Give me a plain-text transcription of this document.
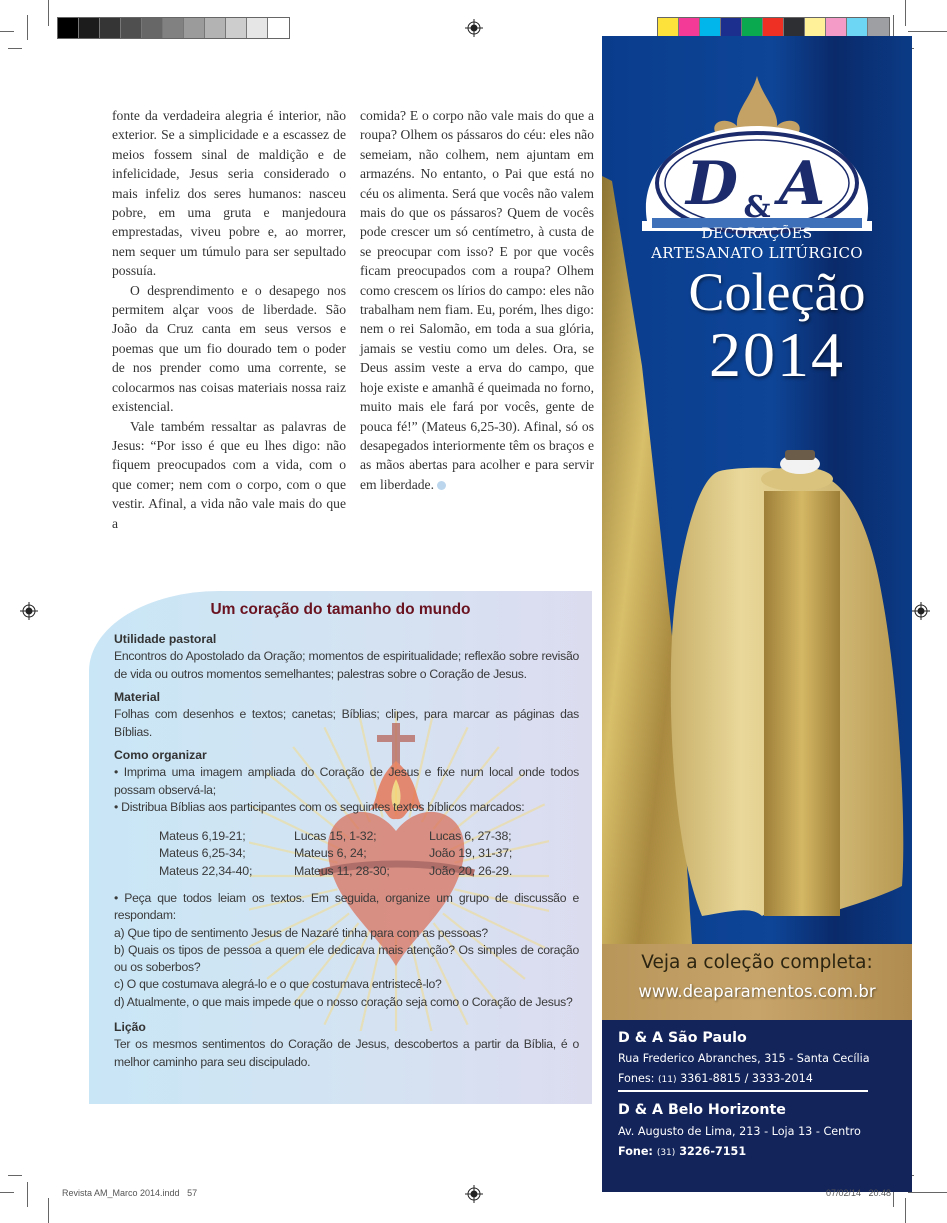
fonte da verdadeira alegria é interior, não exterior. Se a simplicidade e a escassez de meios fossem sinal de maldição e de infelicidade, Jesus seria considerado o mais infeliz dos seres humanos: nasceu pobre, em uma gruta e manjedoura emprestadas, viveu pobre e, ao morrer, nem sequer um túmulo para ser sepultado possuía.

O desprendimento e o desapego nos permitem alçar voos de liberdade. São João da Cruz canta em seus versos e poemas que um fio dourado tem o poder de nos prender como uma corrente, se colocarmos nas coisas materiais nossa raiz existencial.

Vale também ressaltar as palavras de Jesus: “Por isso é que eu lhes digo: não fiquem preocupados com a vida, com o que comer; nem com o corpo, com o que vestir. Afinal, a vida não vale mais do que a

comida? E o corpo não vale mais do que a roupa? Olhem os pássaros do céu: eles não semeiam, não colhem, nem ajuntam em armazéns. No entanto, o Pai que está no céu os alimenta. Será que vocês não valem mais do que os pássaros? Quem de vocês pode crescer um só centímetro, à custa de se preocupar com isso? E por que vocês ficam preocupados com a roupa? Olhem como crescem os lírios do campo: eles não trabalham nem fiam. Eu, porém, lhes digo: nem o rei Salomão, em toda a sua glória, jamais se vestiu como um deles. Ora, se Deus assim veste a erva do campo, que hoje existe e amanhã é queimada no forno, muito mais ele fará por vocês, gente de pouca fé!” (Mateus 6,25-30). Afinal, só os desapegados interiormente têm os braços e as mãos abertas para acolher e para servir em liberdade.

Um coração do tamanho do mundo
Utilidade pastoral
Encontros do Apostolado da Oração; momentos de espiritualidade; reflexão sobre revisão de vida ou outros momentos semelhantes; palestras sobre o Coração de Jesus.
Material
Folhas com desenhos e textos; canetas; Bíblias; clipes, para marcar as páginas das Bíblias.
Como organizar
• Imprima uma imagem ampliada do Coração de Jesus e fixe num local onde todos possam observá-la;
• Distribua Bíblias aos participantes com os seguintes textos bíblicos marcados:
Mateus 6,19-21;
Mateus 6,25-34;
Mateus 22,34-40;
Lucas 15, 1-32;
Mateus 6, 24;
Mateus 11, 28-30;
Lucas 6, 27-38;
João 19, 31-37;
João 20, 26-29.
• Peça que todos leiam os textos. Em seguida, organize um grupo de discussão e respondam:
a) Que tipo de sentimento Jesus de Nazaré tinha para com as pessoas?
b) Quais os tipos de pessoa a quem ele dedicava mais atenção? Os simples de coração ou os soberbos?
c) O que costumava alegrá-lo e o que costumava entristecê-lo?
d) Atualmente, o que mais impede que o nosso coração seja como o Coração de Jesus?
Lição
Ter os mesmos sentimentos do Coração de Jesus, descobertos a partir da Bíblia, é o melhor caminho para seu discipulado.
D A
&
DECORAÇÕES
ARTESANATO LITÚRGICO
Coleção
2014
Veja a coleção completa:
www.deaparamentos.com.br
D & A São Paulo
Rua Frederico Abranches, 315 - Santa Cecília
Fones: (11) 3361-8815 / 3333-2014
D & A Belo Horizonte
Av. Augusto de Lima, 213 - Loja 13 - Centro
Fone: (31) 3226-7151
Revista AM_Marco 2014.indd   57	07/02/14   20:48
